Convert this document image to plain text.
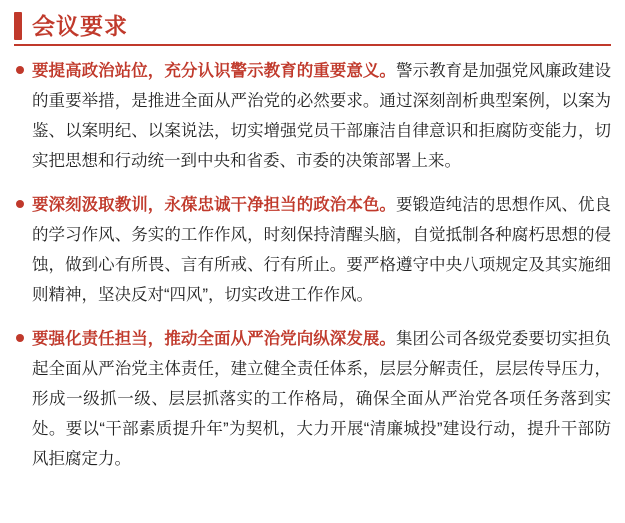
会议要求
要提高政治站位，充分认识警示教育的重要意义。警示教育是加强党风廉政建设的重要举措，是推进全面从严治党的必然要求。通过深刻剖析典型案例，以案为鉴、以案明纪、以案说法，切实增强党员干部廉洁自律意识和拒腐防变能力，切实把思想和行动统一到中央和省委、市委的决策部署上来。
要深刻汲取教训，永葆忠诚干净担当的政治本色。要锻造纯洁的思想作风、优良的学习作风、务实的工作作风，时刻保持清醒头脑，自觉抵制各种腐朽思想的侵蚀，做到心有所畏、言有所戒、行有所止。要严格遵守中央八项规定及其实施细则精神，坚决反对“四风”，切实改进工作作风。
要强化责任担当，推动全面从严治党向纵深发展。集团公司各级党委要切实担负起全面从严治党主体责任，建立健全责任体系，层层分解责任，层层传导压力，形成一级抓一级、层层抓落实的工作格局，确保全面从严治党各项任务落到实处。要以“干部素质提升年”为契机，大力开展“清廉城投”建设行动，提升干部防风拒腐定力。
